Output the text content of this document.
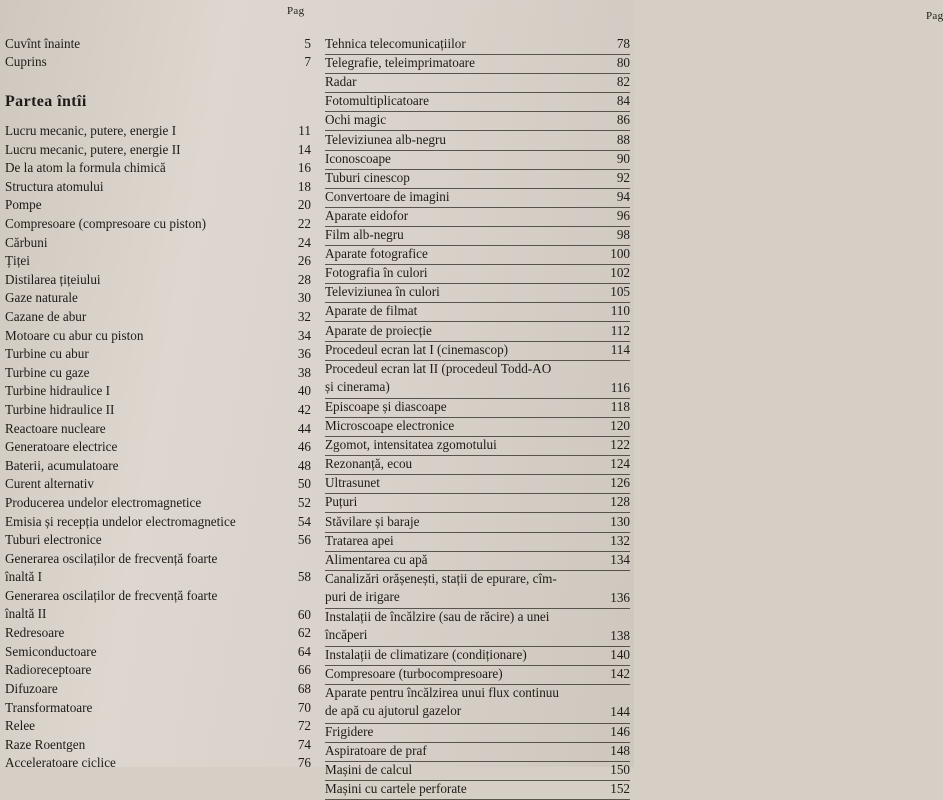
Pag
Partea întîi
Cuvînt înainte	5
Cuprins	7
Lucru mecanic, putere, energie I	11
Lucru mecanic, putere, energie II	14
De la atom la formula chimică	16
Structura atomului	18
Pompe	20
Compresoare (compresoare cu piston)	22
Cărbuni	24
Țiței	26
Distilarea țițeiului	28
Gaze naturale	30
Cazane de abur	32
Motoare cu abur cu piston	34
Turbine cu abur	36
Turbine cu gaze	38
Turbine hidraulice I	40
Turbine hidraulice II	42
Reactoare nucleare	44
Generatoare electrice	46
Baterii, acumulatoare	48
Curent alternativ	50
Producerea undelor electromagnetice	52
Emisia și recepția undelor electromagnetice	54
Tuburi electronice	56
Generarea oscilaților de frecvență foarte
înaltă I	58
Generarea oscilaților de frecvență foarte
înaltă II	60
Redresoare	62
Semiconductoare	64
Radioreceptoare	66
Difuzoare	68
Transformatoare	70
Relee	72
Raze Roentgen	74
Acceleratoare ciclice	76
Pag
Tehnica telecomunicațiilor	78
Telegrafie, teleimprimatoare	80
Radar	82
Fotomultiplicatoare	84
Ochi magic	86
Televiziunea alb-negru	88
Iconoscoape	90
Tuburi cinescop	92
Convertoare de imagini	94
Aparate eidofor	96
Film alb-negru	98
Aparate fotografice	100
Fotografia în culori	102
Televiziunea în culori	105
Aparate de filmat	110
Aparate de proiecție	112
Procedeul ecran lat I (cinemascop)	114
Procedeul ecran lat II (procedeul Todd-AO
și cinerama)	116
Episcoape și diascoape	118
Microscoape electronice	120
Zgomot, intensitatea zgomotului	122
Rezonanță, ecou	124
Ultrasunet	126
Puțuri	128
Stăvilare și baraje	130
Tratarea apei	132
Alimentarea cu apă	134
Canalizări orășenești, stații de epurare, cîm-
puri de irigare	136
Instalații de încălzire (sau de răcire) a unei
încăperi	138
Instalații de climatizare (condiționare)	140
Compresoare (turbocompresoare)	142
Aparate pentru încălzirea unui flux continuu
de apă cu ajutorul gazelor	144
Frigidere	146
Aspiratoare de praf	148
Mașini de calcul	150
Mașini cu cartele perforate	152
